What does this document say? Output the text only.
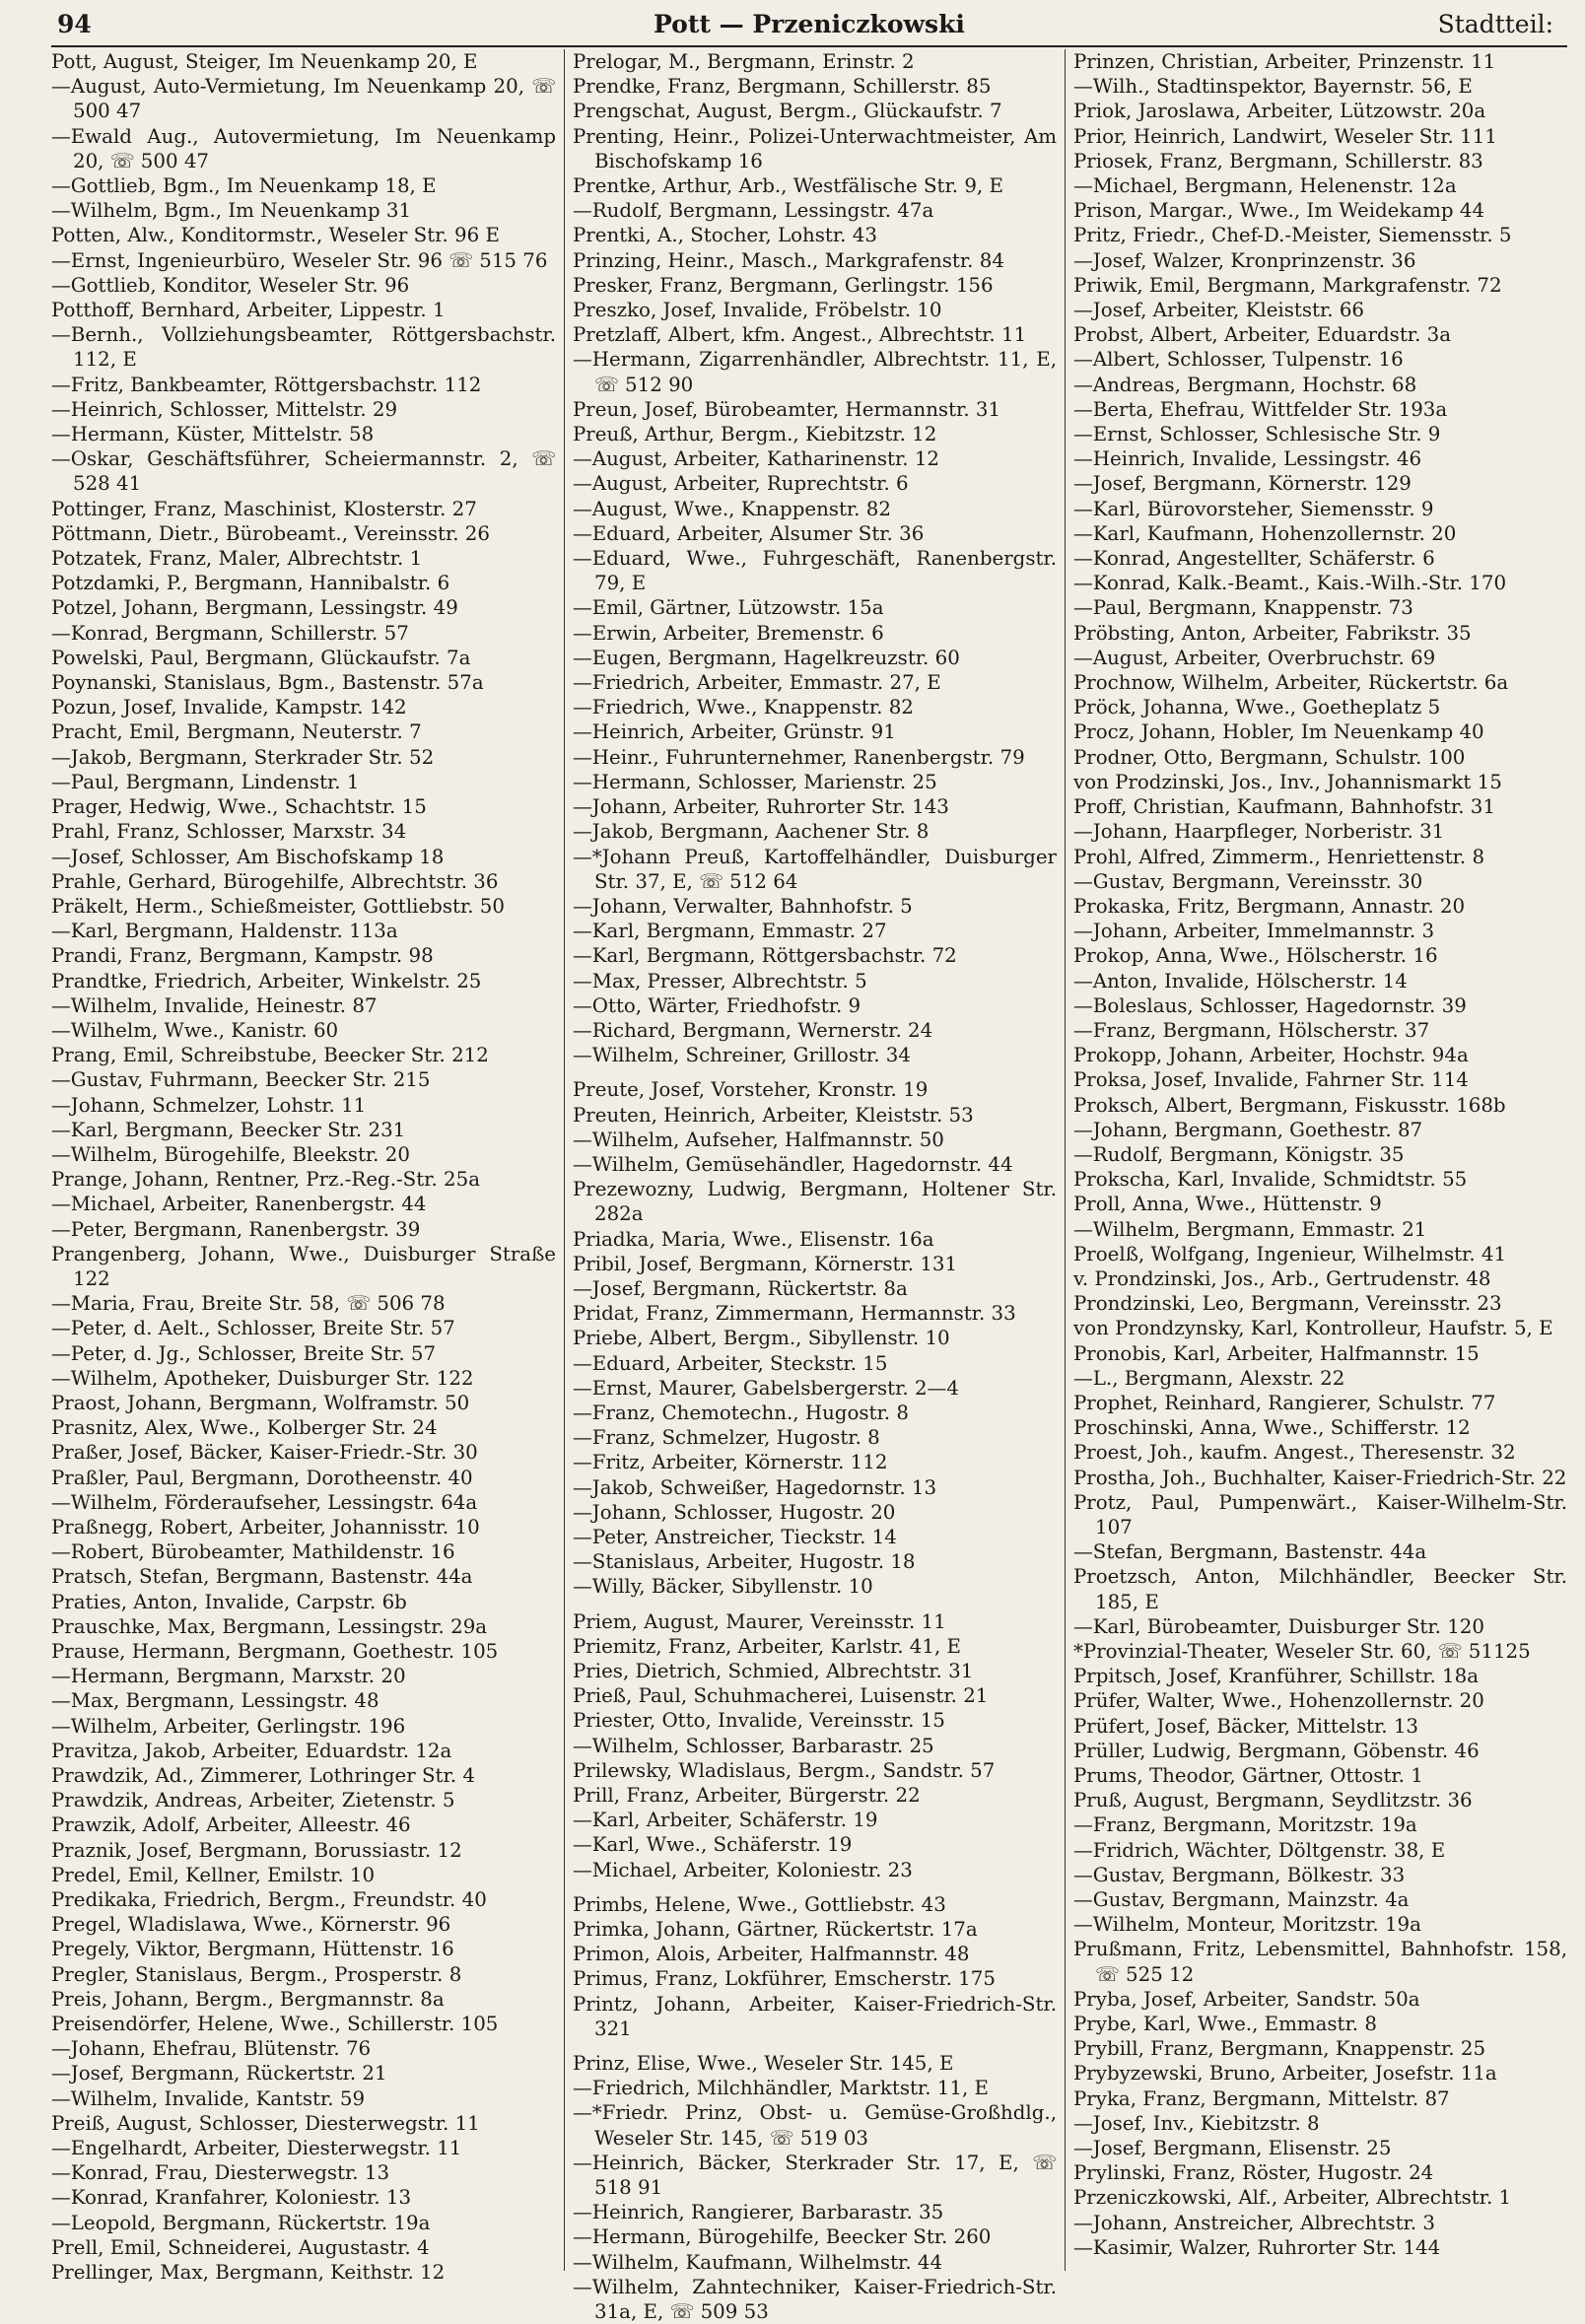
94	Pott — Przeniczkowski	Stadtteil:
Pott, August, Steiger, Im Neuenkamp 20, E
—August, Auto-Vermietung, Im Neuenkamp 20, ☏ 500 47
—Ewald Aug., Autovermietung, Im Neuenkamp 20, ☏ 500 47
—Gottlieb, Bgm., Im Neuenkamp 18, E
—Wilhelm, Bgm., Im Neuenkamp 31
Potten, Alw., Konditormstr., Weseler Str. 96 E
—Ernst, Ingenieurbüro, Weseler Str. 96 ☏ 515 76
—Gottlieb, Konditor, Weseler Str. 96
Potthoff, Bernhard, Arbeiter, Lippestr. 1
—Bernh., Vollziehungsbeamter, Röttgersbachstr. 112, E
—Fritz, Bankbeamter, Röttgersbachstr. 112
—Heinrich, Schlosser, Mittelstr. 29
—Hermann, Küster, Mittelstr. 58
—Oskar, Geschäftsführer, Scheiermannstr. 2, ☏ 528 41
Pottinger, Franz, Maschinist, Klosterstr. 27
Pöttmann, Dietr., Bürobeamt., Vereinsstr. 26
Potzatek, Franz, Maler, Albrechtstr. 1
Potzdamki, P., Bergmann, Hannibalstr. 6
Potzel, Johann, Bergmann, Lessingstr. 49
—Konrad, Bergmann, Schillerstr. 57
Powelski, Paul, Bergmann, Glückaufstr. 7a
Poynanski, Stanislaus, Bgm., Bastenstr. 57a
Pozun, Josef, Invalide, Kampstr. 142
Pracht, Emil, Bergmann, Neuterstr. 7
—Jakob, Bergmann, Sterkrader Str. 52
—Paul, Bergmann, Lindenstr. 1
Prager, Hedwig, Wwe., Schachtstr. 15
Prahl, Franz, Schlosser, Marxstr. 34
—Josef, Schlosser, Am Bischofskamp 18
Prahle, Gerhard, Bürogehilfe, Albrechtstr. 36
Präkelt, Herm., Schießmeister, Gottliebstr. 50
—Karl, Bergmann, Haldenstr. 113a
Prandi, Franz, Bergmann, Kampstr. 98
Prandtke, Friedrich, Arbeiter, Winkelstr. 25
—Wilhelm, Invalide, Heinestr. 87
—Wilhelm, Wwe., Kanistr. 60
Prang, Emil, Schreibstube, Beecker Str. 212
—Gustav, Fuhrmann, Beecker Str. 215
—Johann, Schmelzer, Lohstr. 11
—Karl, Bergmann, Beecker Str. 231
—Wilhelm, Bürogehilfe, Bleekstr. 20
Prange, Johann, Rentner, Prz.-Reg.-Str. 25a
—Michael, Arbeiter, Ranenbergstr. 44
—Peter, Bergmann, Ranenbergstr. 39
Prangenberg, Johann, Wwe., Duisburger Straße 122
—Maria, Frau, Breite Str. 58, ☏ 506 78
—Peter, d. Aelt., Schlosser, Breite Str. 57
—Peter, d. Jg., Schlosser, Breite Str. 57
—Wilhelm, Apotheker, Duisburger Str. 122
Praost, Johann, Bergmann, Wolframstr. 50
Prasnitz, Alex, Wwe., Kolberger Str. 24
Praßer, Josef, Bäcker, Kaiser-Friedr.-Str. 30
Praßler, Paul, Bergmann, Dorotheenstr. 40
—Wilhelm, Förderaufseher, Lessingstr. 64a
Praßnegg, Robert, Arbeiter, Johannisstr. 10
—Robert, Bürobeamter, Mathildenstr. 16
Pratsch, Stefan, Bergmann, Bastenstr. 44a
Praties, Anton, Invalide, Carpstr. 6b
Prauschke, Max, Bergmann, Lessingstr. 29a
Prause, Hermann, Bergmann, Goethestr. 105
—Hermann, Bergmann, Marxstr. 20
—Max, Bergmann, Lessingstr. 48
—Wilhelm, Arbeiter, Gerlingstr. 196
Pravitza, Jakob, Arbeiter, Eduardstr. 12a
Prawdzik, Ad., Zimmerer, Lothringer Str. 4
Prawdzik, Andreas, Arbeiter, Zietenstr. 5
Prawzik, Adolf, Arbeiter, Alleestr. 46
Praznik, Josef, Bergmann, Borussiastr. 12
Predel, Emil, Kellner, Emilstr. 10
Predikaka, Friedrich, Bergm., Freundstr. 40
Pregel, Wladislawa, Wwe., Körnerstr. 96
Pregely, Viktor, Bergmann, Hüttenstr. 16
Pregler, Stanislaus, Bergm., Prosperstr. 8
Preis, Johann, Bergm., Bergmannstr. 8a
Preisendörfer, Helene, Wwe., Schillerstr. 105
—Johann, Ehefrau, Blütenstr. 76
—Josef, Bergmann, Rückertstr. 21
—Wilhelm, Invalide, Kantstr. 59
Preiß, August, Schlosser, Diesterwegstr. 11
—Engelhardt, Arbeiter, Diesterwegstr. 11
—Konrad, Frau, Diesterwegstr. 13
—Konrad, Kranfahrer, Koloniestr. 13
—Leopold, Bergmann, Rückertstr. 19a
Prell, Emil, Schneiderei, Augustastr. 4
Prellinger, Max, Bergmann, Keithstr. 12
Prelogar, M., Bergmann, Erinstr. 2
Prendke, Franz, Bergmann, Schillerstr. 85
Prengschat, August, Bergm., Glückaufstr. 7
Prenting, Heinr., Polizei-Unterwachtmeister, Am Bischofskamp 16
Prentke, Arthur, Arb., Westfälische Str. 9, E
—Rudolf, Bergmann, Lessingstr. 47a
Prentki, A., Stocher, Lohstr. 43
Prinzing, Heinr., Masch., Markgrafenstr. 84
Presker, Franz, Bergmann, Gerlingstr. 156
Preszko, Josef, Invalide, Fröbelstr. 10
Pretzlaff, Albert, kfm. Angest., Albrechtstr. 11
—Hermann, Zigarrenhändler, Albrechtstr. 11, E, ☏ 512 90
Preun, Josef, Bürobeamter, Hermannstr. 31
Preuß, Arthur, Bergm., Kiebitzstr. 12
—August, Arbeiter, Katharinenstr. 12
—August, Arbeiter, Ruprechtstr. 6
—August, Wwe., Knappenstr. 82
—Eduard, Arbeiter, Alsumer Str. 36
—Eduard, Wwe., Fuhrgeschäft, Ranenbergstr. 79, E
—Emil, Gärtner, Lützowstr. 15a
—Erwin, Arbeiter, Bremenstr. 6
—Eugen, Bergmann, Hagelkreuzstr. 60
—Friedrich, Arbeiter, Emmastr. 27, E
—Friedrich, Wwe., Knappenstr. 82
—Heinrich, Arbeiter, Grünstr. 91
—Heinr., Fuhrunternehmer, Ranenbergstr. 79
—Hermann, Schlosser, Marienstr. 25
—Johann, Arbeiter, Ruhrorter Str. 143
—Jakob, Bergmann, Aachener Str. 8
—*Johann Preuß, Kartoffelhändler, Duisburger Str. 37, E, ☏ 512 64
—Johann, Verwalter, Bahnhofstr. 5
—Karl, Bergmann, Emmastr. 27
—Karl, Bergmann, Röttgersbachstr. 72
—Max, Presser, Albrechtstr. 5
—Otto, Wärter, Friedhofstr. 9
—Richard, Bergmann, Wernerstr. 24
—Wilhelm, Schreiner, Grillostr. 34
Preute, Josef, Vorsteher, Kronstr. 19
Preuten, Heinrich, Arbeiter, Kleiststr. 53
—Wilhelm, Aufseher, Halfmannstr. 50
—Wilhelm, Gemüsehändler, Hagedornstr. 44
Prezewozny, Ludwig, Bergmann, Holtener Str. 282a
Priadka, Maria, Wwe., Elisenstr. 16a
Pribil, Josef, Bergmann, Körnerstr. 131
—Josef, Bergmann, Rückertstr. 8a
Pridat, Franz, Zimmermann, Hermannstr. 33
Priebe, Albert, Bergm., Sibyllenstr. 10
—Eduard, Arbeiter, Steckstr. 15
—Ernst, Maurer, Gabelsbergerstr. 2—4
—Franz, Chemotechn., Hugostr. 8
—Franz, Schmelzer, Hugostr. 8
—Fritz, Arbeiter, Körnerstr. 112
—Jakob, Schweißer, Hagedornstr. 13
—Johann, Schlosser, Hugostr. 20
—Peter, Anstreicher, Tieckstr. 14
—Stanislaus, Arbeiter, Hugostr. 18
—Willy, Bäcker, Sibyllenstr. 10
Priem, August, Maurer, Vereinsstr. 11
Priemitz, Franz, Arbeiter, Karlstr. 41, E
Pries, Dietrich, Schmied, Albrechtstr. 31
Prieß, Paul, Schuhmacherei, Luisenstr. 21
Priester, Otto, Invalide, Vereinsstr. 15
—Wilhelm, Schlosser, Barbarastr. 25
Prilewsky, Wladislaus, Bergm., Sandstr. 57
Prill, Franz, Arbeiter, Bürgerstr. 22
—Karl, Arbeiter, Schäferstr. 19
—Karl, Wwe., Schäferstr. 19
—Michael, Arbeiter, Koloniestr. 23
Primbs, Helene, Wwe., Gottliebstr. 43
Primka, Johann, Gärtner, Rückertstr. 17a
Primon, Alois, Arbeiter, Halfmannstr. 48
Primus, Franz, Lokführer, Emscherstr. 175
Printz, Johann, Arbeiter, Kaiser-Friedrich-Str. 321
Prinz, Elise, Wwe., Weseler Str. 145, E
—Friedrich, Milchhändler, Marktstr. 11, E
—*Friedr. Prinz, Obst- u. Gemüse-Großhdlg., Weseler Str. 145, ☏ 519 03
—Heinrich, Bäcker, Sterkrader Str. 17, E, ☏ 518 91
—Heinrich, Rangierer, Barbarastr. 35
—Hermann, Bürogehilfe, Beecker Str. 260
—Wilhelm, Kaufmann, Wilhelmstr. 44
—Wilhelm, Zahntechniker, Kaiser-Friedrich-Str. 31a, E, ☏ 509 53
Prinzen, Christian, Arbeiter, Prinzenstr. 11
—Wilh., Stadtinspektor, Bayernstr. 56, E
Priok, Jaroslawa, Arbeiter, Lützowstr. 20a
Prior, Heinrich, Landwirt, Weseler Str. 111
Priosek, Franz, Bergmann, Schillerstr. 83
—Michael, Bergmann, Helenenstr. 12a
Prison, Margar., Wwe., Im Weidekamp 44
Pritz, Friedr., Chef-D.-Meister, Siemensstr. 5
—Josef, Walzer, Kronprinzenstr. 36
Priwik, Emil, Bergmann, Markgrafenstr. 72
—Josef, Arbeiter, Kleiststr. 66
Probst, Albert, Arbeiter, Eduardstr. 3a
—Albert, Schlosser, Tulpenstr. 16
—Andreas, Bergmann, Hochstr. 68
—Berta, Ehefrau, Wittfelder Str. 193a
—Ernst, Schlosser, Schlesische Str. 9
—Heinrich, Invalide, Lessingstr. 46
—Josef, Bergmann, Körnerstr. 129
—Karl, Bürovorsteher, Siemensstr. 9
—Karl, Kaufmann, Hohenzollernstr. 20
—Konrad, Angestellter, Schäferstr. 6
—Konrad, Kalk.-Beamt., Kais.-Wilh.-Str. 170
—Paul, Bergmann, Knappenstr. 73
Pröbsting, Anton, Arbeiter, Fabrikstr. 35
—August, Arbeiter, Overbruchstr. 69
Prochnow, Wilhelm, Arbeiter, Rückertstr. 6a
Pröck, Johanna, Wwe., Goetheplatz 5
Procz, Johann, Hobler, Im Neuenkamp 40
Prodner, Otto, Bergmann, Schulstr. 100
von Prodzinski, Jos., Inv., Johannismarkt 15
Proff, Christian, Kaufmann, Bahnhofstr. 31
—Johann, Haarpfleger, Norberistr. 31
Prohl, Alfred, Zimmerm., Henriettenstr. 8
—Gustav, Bergmann, Vereinsstr. 30
Prokaska, Fritz, Bergmann, Annastr. 20
—Johann, Arbeiter, Immelmannstr. 3
Prokop, Anna, Wwe., Hölscherstr. 16
—Anton, Invalide, Hölscherstr. 14
—Boleslaus, Schlosser, Hagedornstr. 39
—Franz, Bergmann, Hölscherstr. 37
Prokopp, Johann, Arbeiter, Hochstr. 94a
Proksa, Josef, Invalide, Fahrner Str. 114
Proksch, Albert, Bergmann, Fiskusstr. 168b
—Johann, Bergmann, Goethestr. 87
—Rudolf, Bergmann, Königstr. 35
Prokscha, Karl, Invalide, Schmidtstr. 55
Proll, Anna, Wwe., Hüttenstr. 9
—Wilhelm, Bergmann, Emmastr. 21
Proelß, Wolfgang, Ingenieur, Wilhelmstr. 41
v. Prondzinski, Jos., Arb., Gertrudenstr. 48
Prondzinski, Leo, Bergmann, Vereinsstr. 23
von Prondzynsky, Karl, Kontrolleur, Haufstr. 5, E
Pronobis, Karl, Arbeiter, Halfmannstr. 15
—L., Bergmann, Alexstr. 22
Prophet, Reinhard, Rangierer, Schulstr. 77
Proschinski, Anna, Wwe., Schifferstr. 12
Proest, Joh., kaufm. Angest., Theresenstr. 32
Prostha, Joh., Buchhalter, Kaiser-Friedrich-Str. 22
Protz, Paul, Pumpenwärt., Kaiser-Wilhelm-Str. 107
—Stefan, Bergmann, Bastenstr. 44a
Proetzsch, Anton, Milchhändler, Beecker Str. 185, E
—Karl, Bürobeamter, Duisburger Str. 120
*Provinzial-Theater, Weseler Str. 60, ☏ 51125
Prpitsch, Josef, Kranführer, Schillstr. 18a
Prüfer, Walter, Wwe., Hohenzollernstr. 20
Prüfert, Josef, Bäcker, Mittelstr. 13
Prüller, Ludwig, Bergmann, Göbenstr. 46
Prums, Theodor, Gärtner, Ottostr. 1
Pruß, August, Bergmann, Seydlitzstr. 36
—Franz, Bergmann, Moritzstr. 19a
—Fridrich, Wächter, Döltgenstr. 38, E
—Gustav, Bergmann, Bölkestr. 33
—Gustav, Bergmann, Mainzstr. 4a
—Wilhelm, Monteur, Moritzstr. 19a
Prußmann, Fritz, Lebensmittel, Bahnhofstr. 158, ☏ 525 12
Pryba, Josef, Arbeiter, Sandstr. 50a
Prybe, Karl, Wwe., Emmastr. 8
Prybill, Franz, Bergmann, Knappenstr. 25
Prybyzewski, Bruno, Arbeiter, Josefstr. 11a
Pryka, Franz, Bergmann, Mittelstr. 87
—Josef, Inv., Kiebitzstr. 8
—Josef, Bergmann, Elisenstr. 25
Prylinski, Franz, Röster, Hugostr. 24
Przeniczkowski, Alf., Arbeiter, Albrechtstr. 1
—Johann, Anstreicher, Albrechtstr. 3
—Kasimir, Walzer, Ruhrorter Str. 144
